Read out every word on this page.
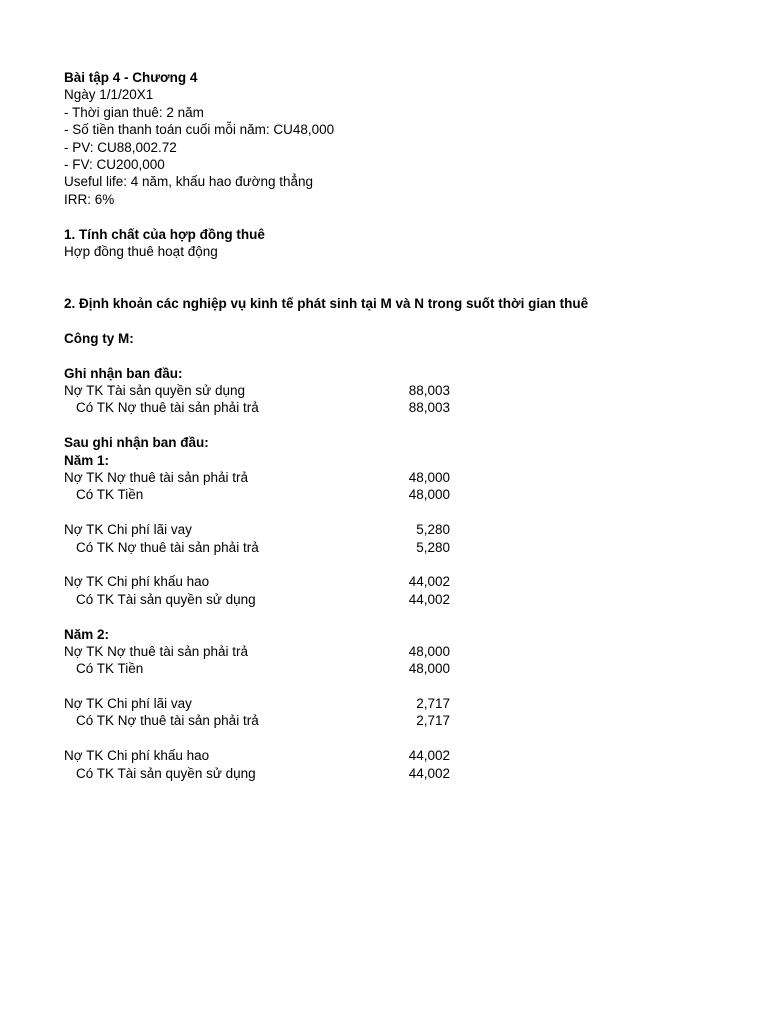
Bài tập 4 - Chương 4
Ngày 1/1/20X1
- Thời gian thuê: 2 năm
- Số tiền thanh toán cuối mỗi năm: CU48,000
- PV: CU88,002.72
- FV: CU200,000
Useful life: 4 năm, khấu hao đường thẳng
IRR: 6%
1. Tính chất của hợp đồng thuê
Hợp đồng thuê hoạt động
2. Định khoản các nghiệp vụ kinh tế phát sinh tại M và N trong suốt thời gian thuê
Công ty M:
Ghi nhận ban đầu:
Nợ TK Tài sản quyền sử dụng	88,003
Có TK Nợ thuê tài sản phải trả	88,003
Sau ghi nhận ban đầu:
Năm 1:
Nợ TK Nợ thuê tài sản phải trả	48,000
Có TK Tiền	48,000
Nợ TK Chi phí lãi vay	5,280
Có TK Nợ thuê tài sản phải trả	5,280
Nợ TK Chi phí khấu hao	44,002
Có TK Tài sản quyền sử dụng	44,002
Năm 2:
Nợ TK Nợ thuê tài sản phải trả	48,000
Có TK Tiền	48,000
Nợ TK Chi phí lãi vay	2,717
Có TK Nợ thuê tài sản phải trả	2,717
Nợ TK Chi phí khấu hao	44,002
Có TK Tài sản quyền sử dụng	44,002
